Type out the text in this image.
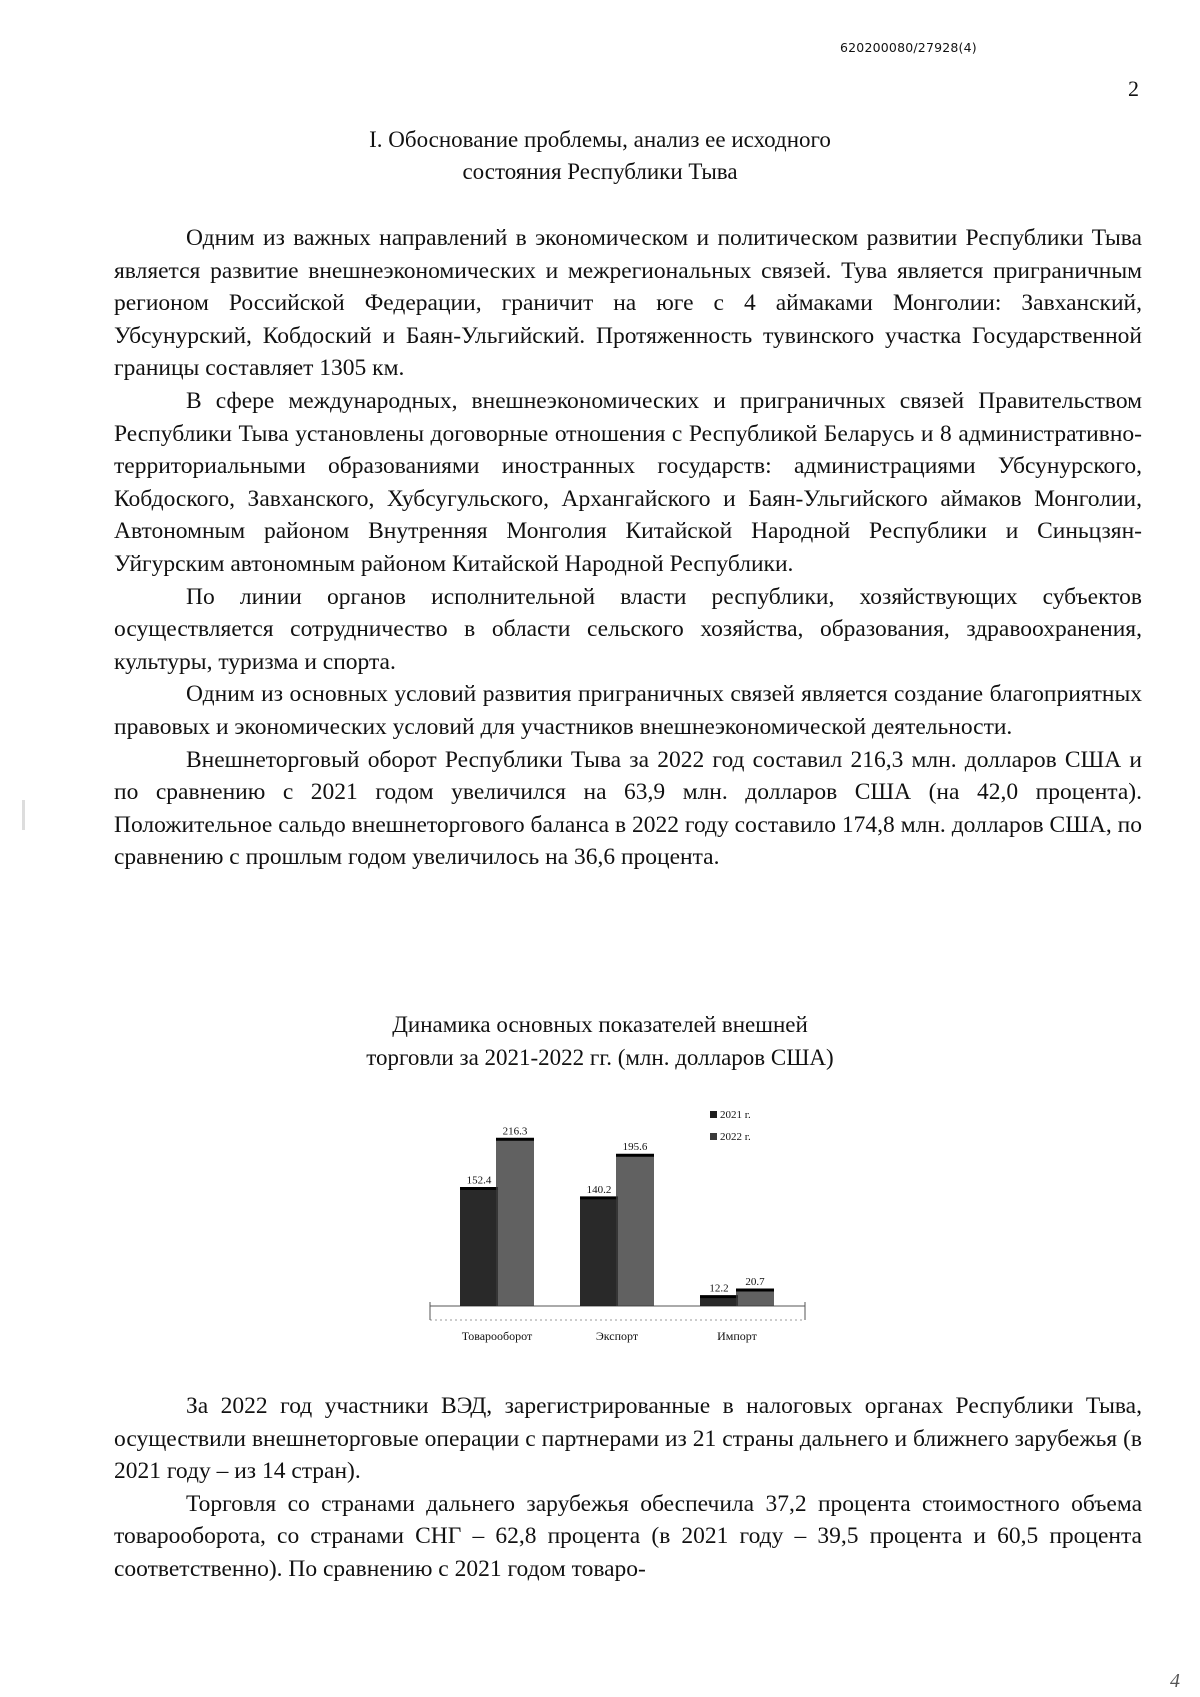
620200080/27928(4)
2
I. Обоснование проблемы, анализ ее исходного
состояния Республики Тыва

Одним из важных направлений в экономическом и политическом развитии Республики Тыва является развитие внешнеэкономических и межрегиональных связей. Тува является приграничным регионом Российской Федерации, граничит на юге с 4 аймаками Монголии: Завханский, Убсунурский, Кобдоский и Баян-Ульгийский. Протяженность тувинского участка Государственной границы составляет 1305 км.

В сфере международных, внешнеэкономических и приграничных связей Правительством Республики Тыва установлены договорные отношения с Республикой Беларусь и 8 административно-территориальными образованиями иностранных государств: администрациями Убсунурского, Кобдоского, Завханского, Хубсугульского, Архангайского и Баян-Ульгийского аймаков Монголии, Автономным районом Внутренняя Монголия Китайской Народной Республики и Синьцзян-Уйгурским автономным районом Китайской Народной Республики.

По линии органов исполнительной власти республики, хозяйствующих субъектов осуществляется сотрудничество в области сельского хозяйства, образования, здравоохранения, культуры, туризма и спорта.

Одним из основных условий развития приграничных связей является создание благоприятных правовых и экономических условий для участников внешнеэкономической деятельности.

Внешнеторговый оборот Республики Тыва за 2022 год составил 216,3 млн. долларов США и по сравнению с 2021 годом увеличился на 63,9 млн. долларов США (на 42,0 процента). Положительное сальдо внешнеторгового баланса в 2022 году составило 174,8 млн. долларов США, по сравнению с прошлым годом увеличилось на 36,6 процента.

Динамика основных показателей внешней
торговли за 2021-2022 гг. (млн. долларов США)
152.4
216.3
Товарооборот
140.2
195.6
Экспорт
12.2
20.7
Импорт
2021 г.
2022 г.

За 2022 год участники ВЭД, зарегистрированные в налоговых органах Республики Тыва, осуществили внешнеторговые операции с партнерами из 21 страны дальнего и ближнего зарубежья (в 2021 году – из 14 стран).

Торговля со странами дальнего зарубежья обеспечила 37,2 процента стоимостного объема товарооборота, со странами СНГ – 62,8 процента (в 2021 году – 39,5 процента и 60,5 процента соответственно). По сравнению с 2021 годом товаро-

4
